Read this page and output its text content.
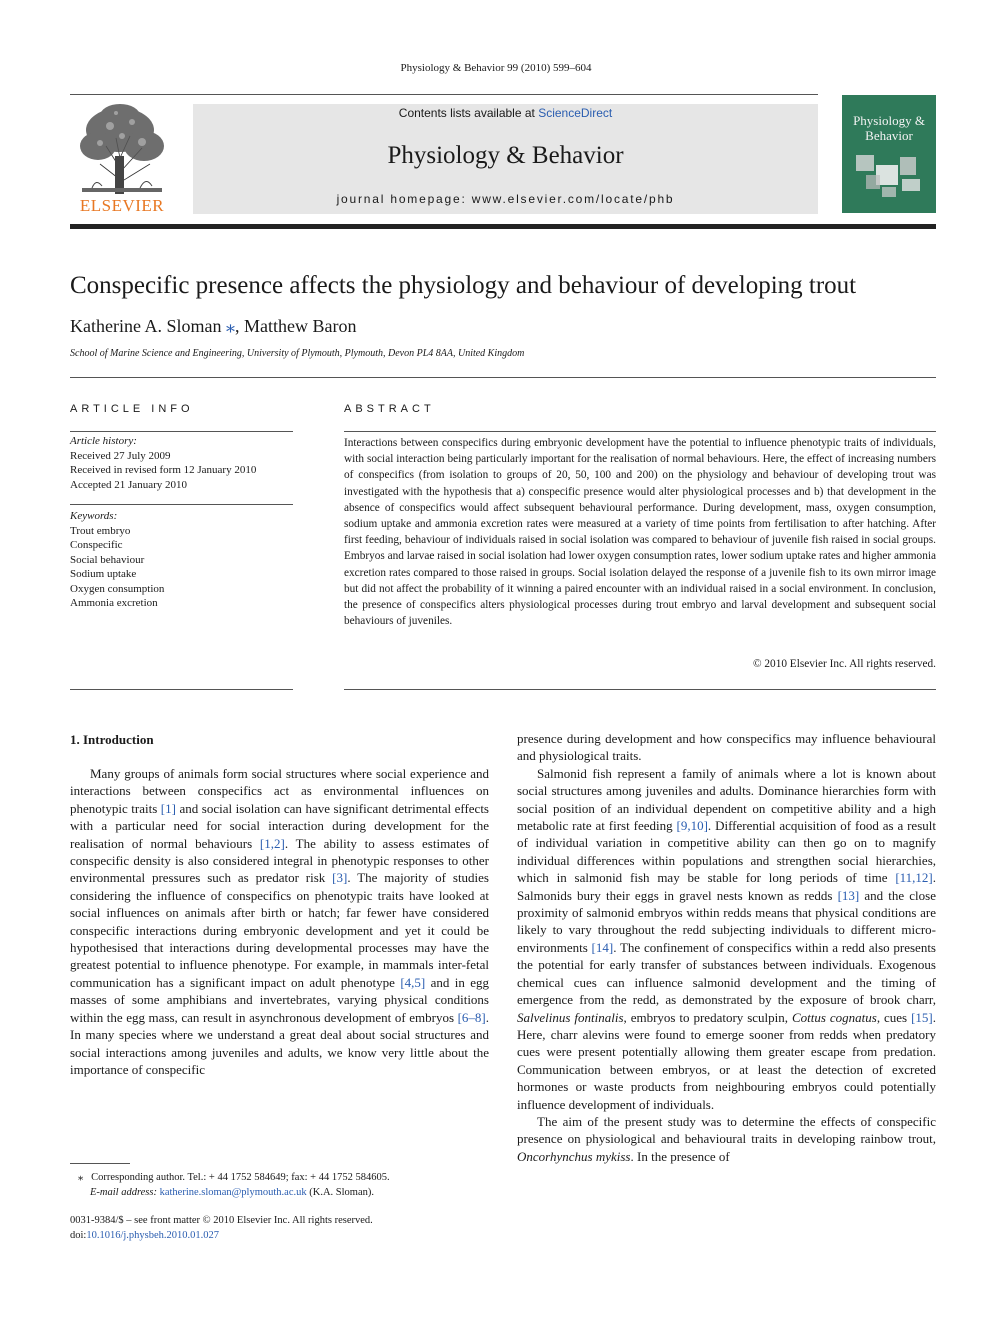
Physiology & Behavior 99 (2010) 599–604
ELSEVIER
Contents lists available at ScienceDirect
Physiology & Behavior
journal homepage: www.elsevier.com/locate/phb
Physiology & Behavior
Conspecific presence affects the physiology and behaviour of developing trout
Katherine A. Sloman ⁎, Matthew Baron
School of Marine Science and Engineering, University of Plymouth, Plymouth, Devon PL4 8AA, United Kingdom
ARTICLE INFO	ABSTRACT
Article history:
Received 27 July 2009
Received in revised form 12 January 2010
Accepted 21 January 2010
Keywords:
Trout embryo
Conspecific
Social behaviour
Sodium uptake
Oxygen consumption
Ammonia excretion
Interactions between conspecifics during embryonic development have the potential to influence phenotypic traits of individuals, with social interaction being particularly important for the realisation of normal behaviours. Here, the effect of increasing numbers of conspecifics (from isolation to groups of 20, 50, 100 and 200) on the physiology and behaviour of developing trout was investigated with the hypothesis that a) conspecific presence would alter physiological processes and b) that development in the absence of conspecifics would affect subsequent behavioural performance. During development, mass, oxygen consumption, sodium uptake and ammonia excretion rates were measured at a variety of time points from fertilisation to after hatching. After first feeding, behaviour of individuals raised in social isolation was compared to behaviour of juvenile fish raised in social groups. Embryos and larvae raised in social isolation had lower oxygen consumption rates, lower sodium uptake rates and higher ammonia excretion rates compared to those raised in groups. Social isolation delayed the response of a juvenile fish to its own mirror image but did not affect the probability of it winning a paired encounter with an individual raised in a social environment. In conclusion, the presence of conspecifics alters physiological processes during trout embryo and larval development and subsequent social behaviours of juveniles.
© 2010 Elsevier Inc. All rights reserved.
1. Introduction

Many groups of animals form social structures where social experience and interactions between conspecifics act as environmental influences on phenotypic traits [1] and social isolation can have significant detrimental effects with a particular need for social interaction during development for the realisation of normal behaviours [1,2]. The ability to assess estimates of conspecific density is also considered integral in phenotypic responses to other environmental pressures such as predator risk [3]. The majority of studies considering the influence of conspecifics on phenotypic traits have looked at social influences on animals after birth or hatch; far fewer have considered conspecific interactions during embryonic development and yet it could be hypothesised that interactions during developmental processes may have the greatest potential to influence phenotype. For example, in mammals inter-fetal communication has a significant impact on adult phenotype [4,5] and in egg masses of some amphibians and invertebrates, varying physical conditions within the egg mass, can result in asynchronous development of embryos [6–8]. In many species where we understand a great deal about social structures and social interactions among juveniles and adults, we know very little about the importance of conspecific

presence during development and how conspecifics may influence behavioural and physiological traits.

Salmonid fish represent a family of animals where a lot is known about social structures among juveniles and adults. Dominance hierarchies form with social position of an individual dependent on competitive ability and a high metabolic rate at first feeding [9,10]. Differential acquisition of food as a result of individual variation in competitive ability can then go on to magnify individual differences within populations and strengthen social hierarchies, which in salmonid fish may be stable for long periods of time [11,12]. Salmonids bury their eggs in gravel nests known as redds [13] and the close proximity of salmonid embryos within redds means that physical conditions are likely to vary throughout the redd subjecting individuals to different micro-environments [14]. The confinement of conspecifics within a redd also presents the potential for early transfer of substances between individuals. Exogenous chemical cues can influence salmonid development and the timing of emergence from the redd, as demonstrated by the exposure of brook charr, Salvelinus fontinalis, embryos to predatory sculpin, Cottus cognatus, cues [15]. Here, charr alevins were found to emerge sooner from redds when predatory cues were present potentially allowing them greater escape from predation. Communication between embryos, or at least the detection of excreted hormones or waste products from neighbouring embryos could potentially influence development of individuals.

The aim of the present study was to determine the effects of conspecific presence on physiological and behavioural traits in developing rainbow trout, Oncorhynchus mykiss. In the presence of

⁎ Corresponding author. Tel.: + 44 1752 584649; fax: + 44 1752 584605.
E-mail address: katherine.sloman@plymouth.ac.uk (K.A. Sloman).
0031-9384/$ – see front matter © 2010 Elsevier Inc. All rights reserved.
doi:10.1016/j.physbeh.2010.01.027
